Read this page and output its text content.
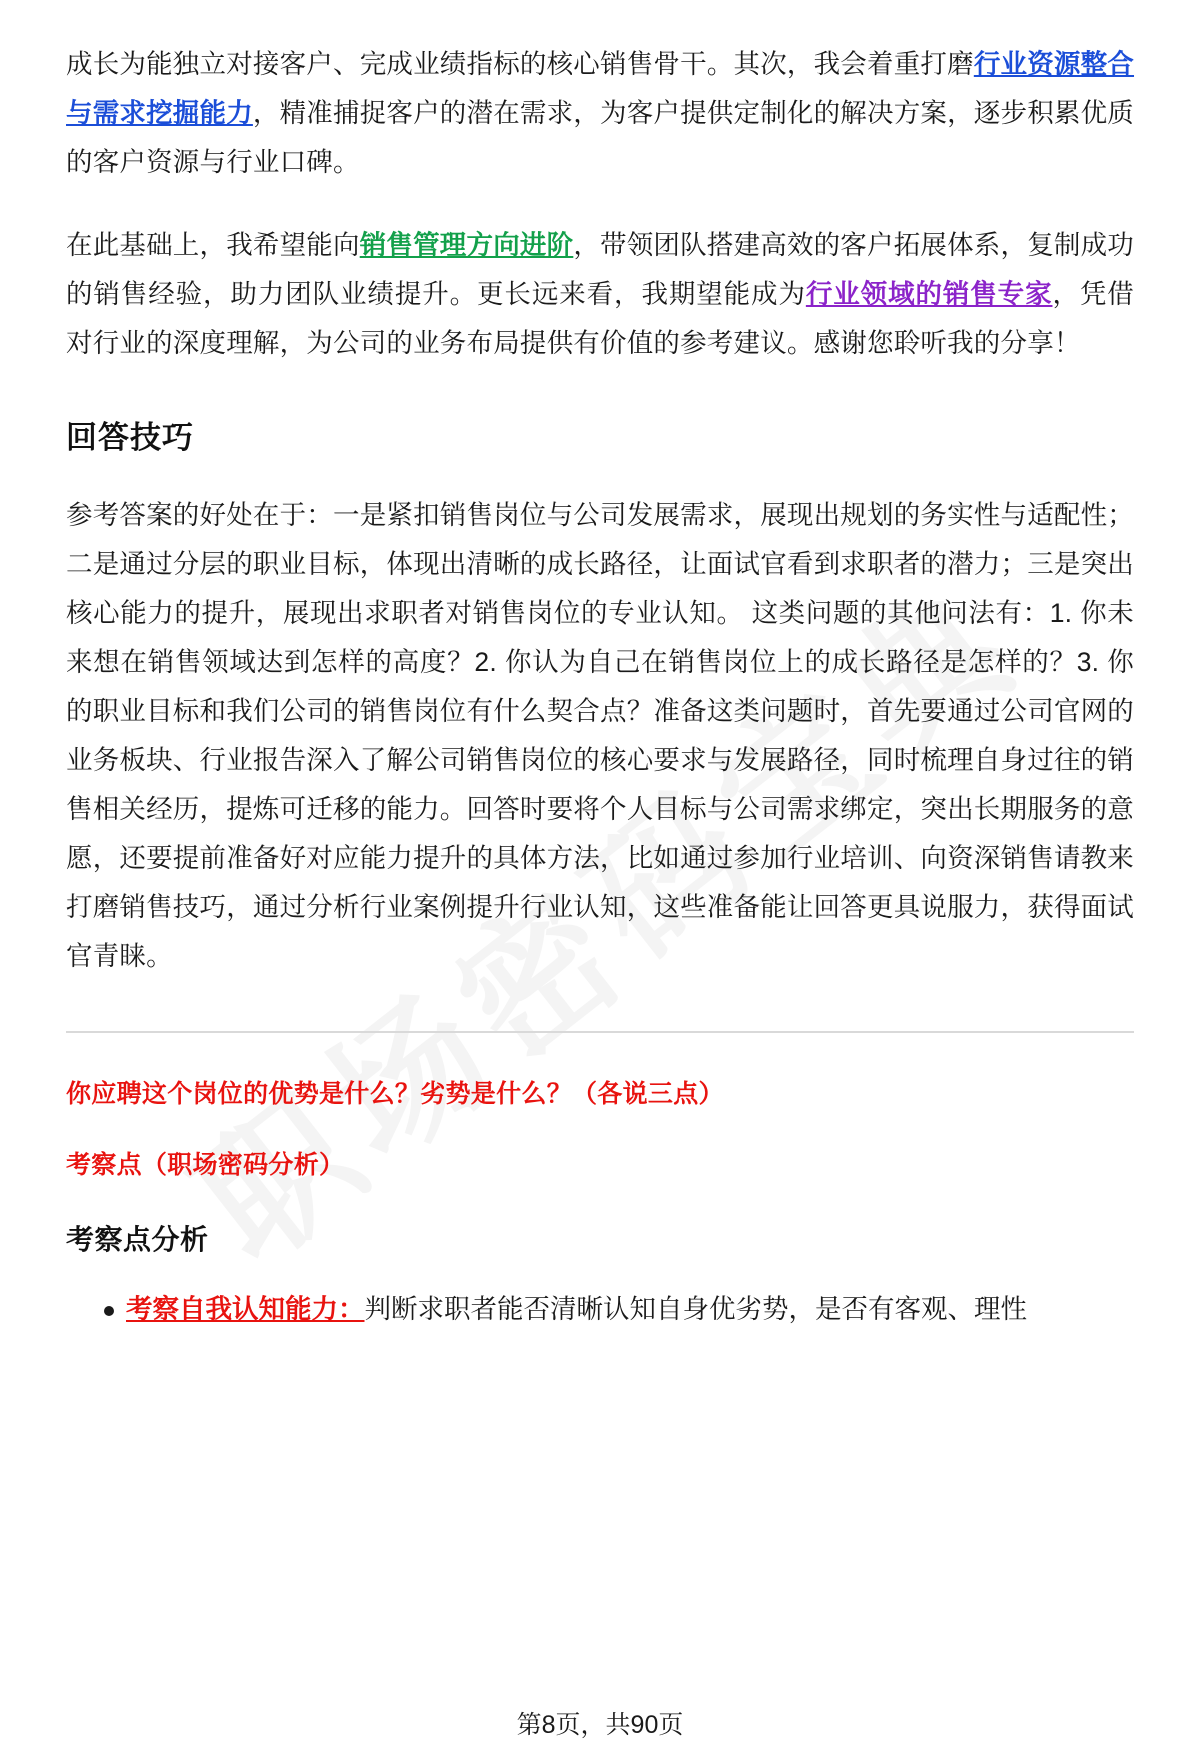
成长为能独立对接客户、完成业绩指标的核心销售骨干。其次，我会着重打磨行业资源整合与需求挖掘能力，精准捕捉客户的潜在需求，为客户提供定制化的解决方案，逐步积累优质的客户资源与行业口碑。

在此基础上，我希望能向销售管理方向进阶，带领团队搭建高效的客户拓展体系，复制成功的销售经验，助力团队业绩提升。更长远来看，我期望能成为行业领域的销售专家，凭借对行业的深度理解，为公司的业务布局提供有价值的参考建议。感谢您聆听我的分享！

回答技巧

参考答案的好处在于：一是紧扣销售岗位与公司发展需求，展现出规划的务实性与适配性；二是通过分层的职业目标，体现出清晰的成长路径，让面试官看到求职者的潜力；三是突出核心能力的提升，展现出求职者对销售岗位的专业认知。 这类问题的其他问法有：1. 你未来想在销售领域达到怎样的高度？2. 你认为自己在销售岗位上的成长路径是怎样的？3. 你的职业目标和我们公司的销售岗位有什么契合点？准备这类问题时，首先要通过公司官网的业务板块、行业报告深入了解公司销售岗位的核心要求与发展路径，同时梳理自身过往的销售相关经历，提炼可迁移的能力。回答时要将个人目标与公司需求绑定，突出长期服务的意愿，还要提前准备好对应能力提升的具体方法，比如通过参加行业培训、向资深销售请教来打磨销售技巧，通过分析行业案例提升行业认知，这些准备能让回答更具说服力，获得面试官青睐。

你应聘这个岗位的优势是什么？劣势是什么？（各说三点）

考察点（职场密码分析）

考察点分析
考察自我认知能力：判断求职者能否清晰认知自身优劣势，是否有客观、理性
第8页，共90页
